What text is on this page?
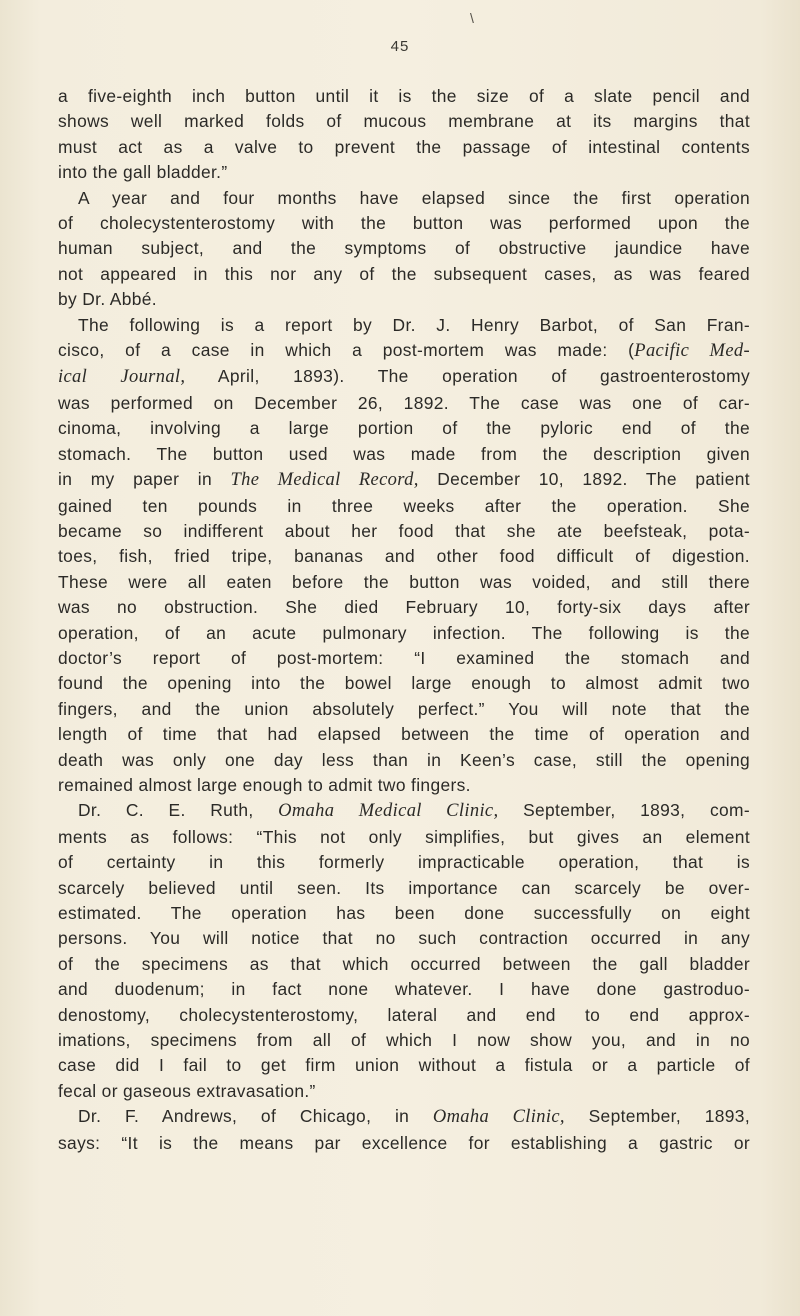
\
45
a five-eighth inch button until it is the size of a slate pencil and
shows well marked folds of mucous membrane at its margins that
must act as a valve to prevent the passage of intestinal contents
into the gall bladder.”
A year and four months have elapsed since the first operation
of cholecystenterostomy with the button was performed upon the
human subject, and the symptoms of obstructive jaundice have
not appeared in this nor any of the subsequent cases, as was feared
by Dr. Abbé.
The following is a report by Dr. J. Henry Barbot, of San Fran-
cisco, of a case in which a post-mortem was made: (Pacific Med-
ical Journal, April, 1893). The operation of gastroenterostomy
was performed on December 26, 1892. The case was one of car-
cinoma, involving a large portion of the pyloric end of the
stomach. The button used was made from the description given
in my paper in The Medical Record, December 10, 1892. The patient
gained ten pounds in three weeks after the operation. She
became so indifferent about her food that she ate beefsteak, pota-
toes, fish, fried tripe, bananas and other food difficult of digestion.
These were all eaten before the button was voided, and still there
was no obstruction. She died February 10, forty-six days after
operation, of an acute pulmonary infection. The following is the
doctor’s report of post-mortem: “I examined the stomach and
found the opening into the bowel large enough to almost admit two
fingers, and the union absolutely perfect.” You will note that the
length of time that had elapsed between the time of operation and
death was only one day less than in Keen’s case, still the opening
remained almost large enough to admit two fingers.
Dr. C. E. Ruth, Omaha Medical Clinic, September, 1893, com-
ments as follows: “This not only simplifies, but gives an element
of certainty in this formerly impracticable operation, that is
scarcely believed until seen. Its importance can scarcely be over-
estimated. The operation has been done successfully on eight
persons. You will notice that no such contraction occurred in any
of the specimens as that which occurred between the gall bladder
and duodenum; in fact none whatever. I have done gastroduo-
denostomy, cholecystenterostomy, lateral and end to end approx-
imations, specimens from all of which I now show you, and in no
case did I fail to get firm union without a fistula or a particle of
fecal or gaseous extravasation.”
Dr. F. Andrews, of Chicago, in Omaha Clinic, September, 1893,
says: “It is the means par excellence for establishing a gastric or
